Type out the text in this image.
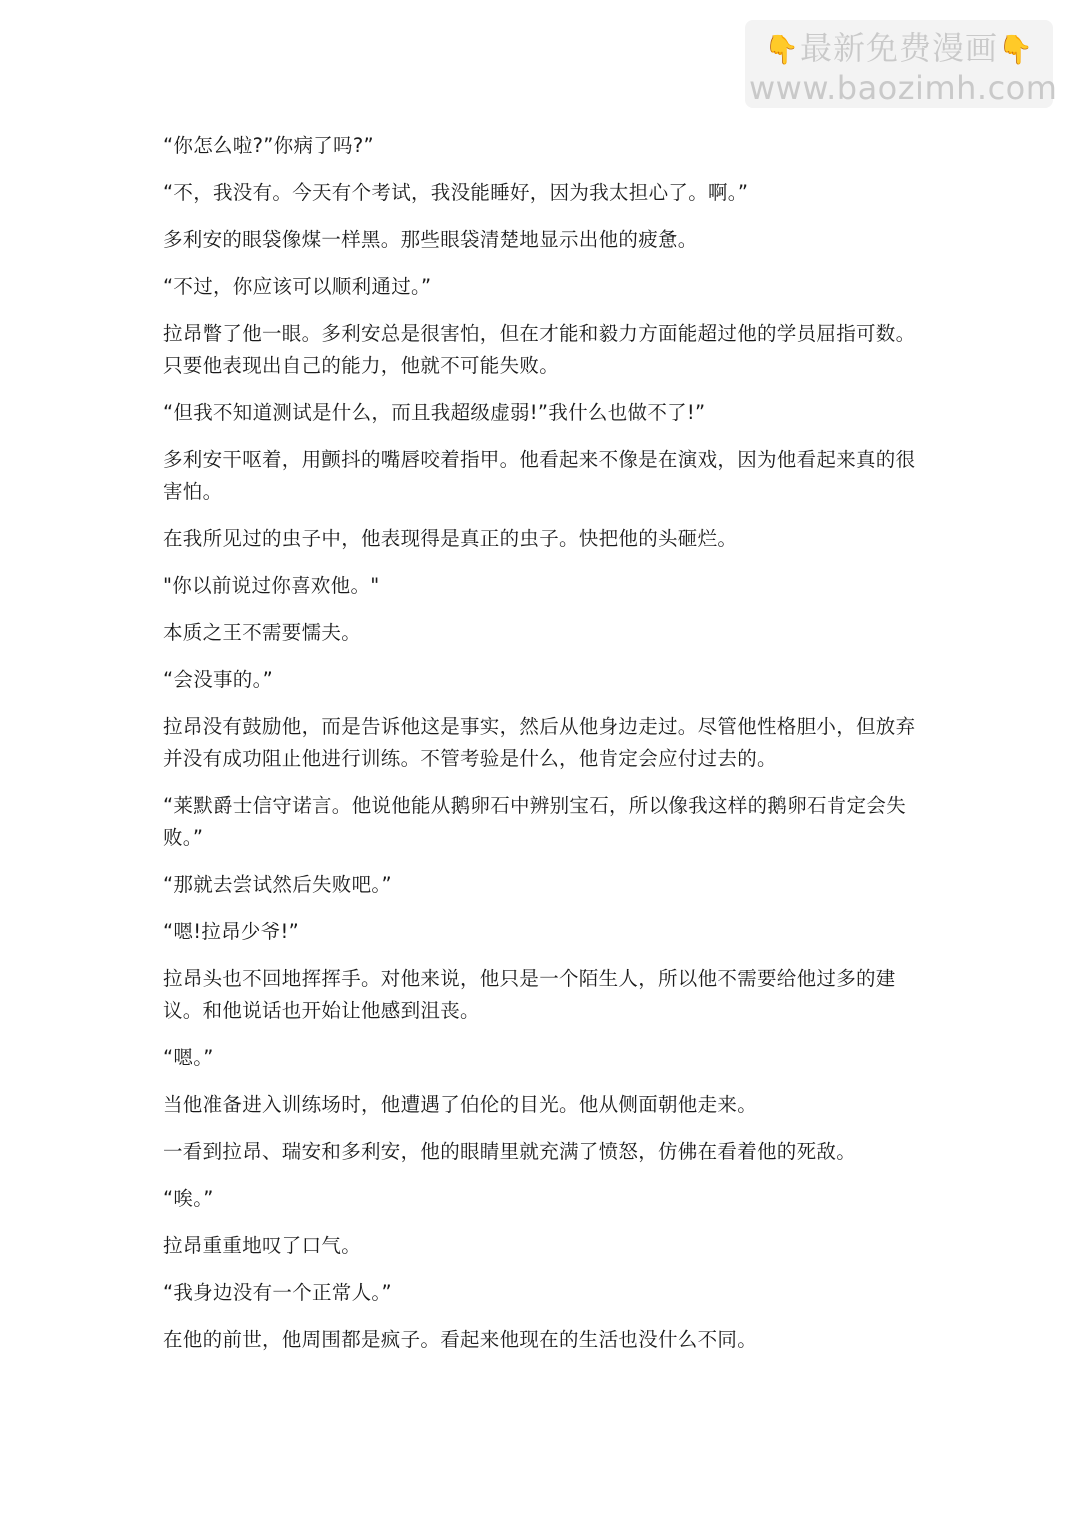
👇最新免费漫画👇
www.baozimh.com

“你怎么啦?”你病了吗?”

“不，我没有。今天有个考试，我没能睡好，因为我太担心了。啊。”

多利安的眼袋像煤一样黑。那些眼袋清楚地显示出他的疲惫。

“不过，你应该可以顺利通过。”

拉昂瞥了他一眼。多利安总是很害怕，但在才能和毅力方面能超过他的学员屈指可数。只要他表现出自己的能力，他就不可能失败。

“但我不知道测试是什么，而且我超级虚弱!”我什么也做不了!”

多利安干呕着，用颤抖的嘴唇咬着指甲。他看起来不像是在演戏，因为他看起来真的很害怕。

在我所见过的虫子中，他表现得是真正的虫子。快把他的头砸烂。

"你以前说过你喜欢他。"

本质之王不需要懦夫。

“会没事的。”

拉昂没有鼓励他，而是告诉他这是事实，然后从他身边走过。尽管他性格胆小，但放弃并没有成功阻止他进行训练。不管考验是什么，他肯定会应付过去的。

“莱默爵士信守诺言。他说他能从鹅卵石中辨别宝石，所以像我这样的鹅卵石肯定会失败。”

“那就去尝试然后失败吧。”

“嗯!拉昂少爷!”

拉昂头也不回地挥挥手。对他来说，他只是一个陌生人，所以他不需要给他过多的建议。和他说话也开始让他感到沮丧。

“嗯。”

当他准备进入训练场时，他遭遇了伯伦的目光。他从侧面朝他走来。

一看到拉昂、瑞安和多利安，他的眼睛里就充满了愤怒，仿佛在看着他的死敌。

“唉。”

拉昂重重地叹了口气。

“我身边没有一个正常人。”

在他的前世，他周围都是疯子。看起来他现在的生活也没什么不同。
